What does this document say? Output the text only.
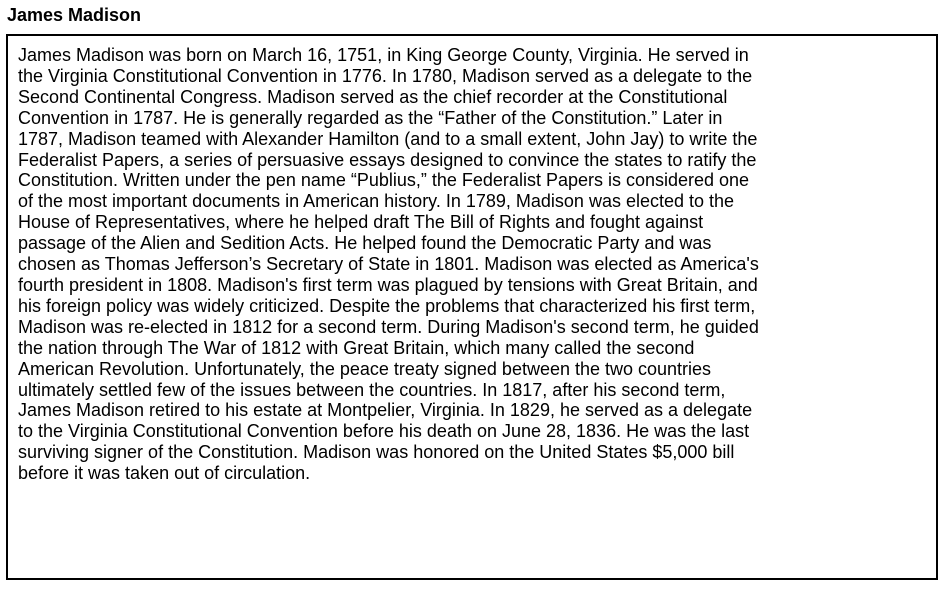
James Madison

James Madison was born on March 16, 1751, in King George County, Virginia. He served in
the Virginia Constitutional Convention in 1776. In 1780, Madison served as a delegate to the
Second Continental Congress. Madison served as the chief recorder at the Constitutional
Convention in 1787. He is generally regarded as the “Father of the Constitution.” Later in
1787, Madison teamed with Alexander Hamilton (and to a small extent, John Jay) to write the
Federalist Papers, a series of persuasive essays designed to convince the states to ratify the
Constitution. Written under the pen name “Publius,” the Federalist Papers is considered one
of the most important documents in American history. In 1789, Madison was elected to the
House of Representatives, where he helped draft The Bill of Rights and fought against
passage of the Alien and Sedition Acts. He helped found the Democratic Party and was
chosen as Thomas Jefferson’s Secretary of State in 1801. Madison was elected as America's
fourth president in 1808. Madison's first term was plagued by tensions with Great Britain, and
his foreign policy was widely criticized. Despite the problems that characterized his first term,
Madison was re-elected in 1812 for a second term. During Madison's second term, he guided
the nation through The War of 1812 with Great Britain, which many called the second
American Revolution. Unfortunately, the peace treaty signed between the two countries
ultimately settled few of the issues between the countries. In 1817, after his second term,
James Madison retired to his estate at Montpelier, Virginia. In 1829, he served as a delegate
to the Virginia Constitutional Convention before his death on June 28, 1836. He was the last
surviving signer of the Constitution. Madison was honored on the United States $5,000 bill
before it was taken out of circulation.
